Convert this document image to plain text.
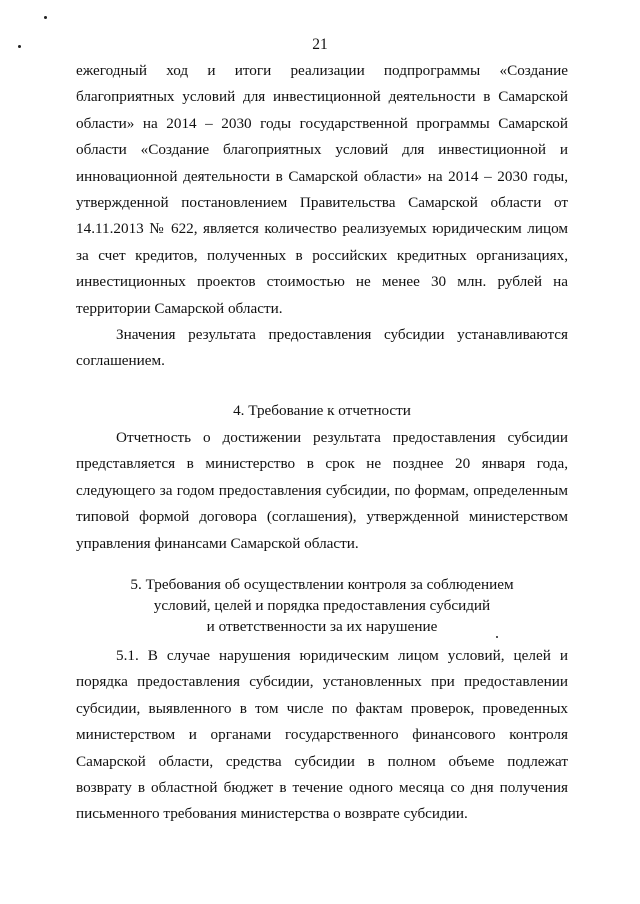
21
ежегодный ход и итоги реализации подпрограммы «Создание
благоприятных условий для инвестиционной деятельности в Самарской
области» на 2014 – 2030 годы государственной программы Самарской
области «Создание благоприятных условий для инвестиционной и
инновационной деятельности в Самарской области» на 2014 – 2030 годы,
утвержденной постановлением Правительства Самарской области от
14.11.2013 № 622, является количество реализуемых юридическим лицом
за счет кредитов, полученных в российских кредитных организациях,
инвестиционных проектов стоимостью не менее 30 млн. рублей на
территории Самарской области.
Значения результата предоставления субсидии устанавливаются
соглашением.
4. Требование к отчетности
Отчетность о достижении результата предоставления субсидии
представляется в министерство в срок не позднее 20 января года,
следующего за годом предоставления субсидии, по формам, определенным
типовой формой договора (соглашения), утвержденной министерством
управления финансами Самарской области.
5. Требования об осуществлении контроля за соблюдением
условий, целей и порядка предоставления субсидий
и ответственности за их нарушение
5.1. В случае нарушения юридическим лицом условий, целей и
порядка предоставления субсидии, установленных при предоставлении
субсидии, выявленного в том числе по фактам проверок, проведенных
министерством и органами государственного финансового контроля
Самарской области, средства субсидии в полном объеме подлежат
возврату в областной бюджет в течение одного месяца со дня получения
письменного требования министерства о возврате субсидии.
